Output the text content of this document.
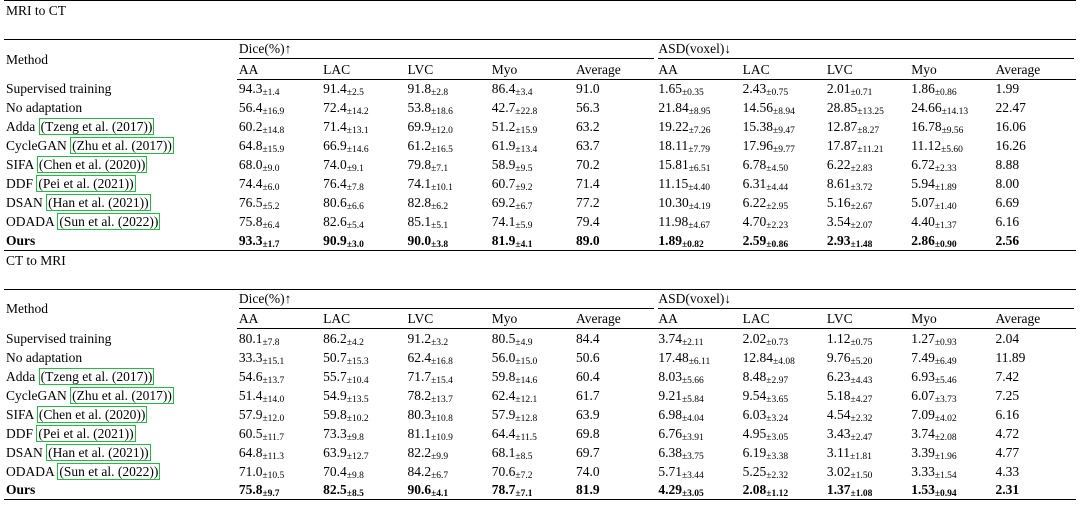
MRI to CT										

Method	Dice(%)↑					ASD(voxel)↓				
	AA	LAC	LVC	Myo	Average	AA	LAC	LVC	Myo	Average
Supervised training	94.3±1.4	91.4±2.5	91.8±2.8	86.4±3.4	91.0	1.65±0.35	2.43±0.75	2.01±0.71	1.86±0.86	1.99
No adaptation	56.4±16.9	72.4±14.2	53.8±18.6	42.7±22.8	56.3	21.84±8.95	14.56±8.94	28.85±13.25	24.66±14.13	22.47
Adda (Tzeng et al. (2017))	60.2±14.8	71.4±13.1	69.9±12.0	51.2±15.9	63.2	19.22±7.26	15.38±9.47	12.87±8.27	16.78±9.56	16.06
CycleGAN (Zhu et al. (2017))	64.8±15.9	66.9±14.6	61.2±16.5	61.9±13.4	63.7	18.11±7.79	17.96±9.77	17.87±11.21	11.12±5.60	16.26
SIFA (Chen et al. (2020))	68.0±9.0	74.0±9.1	79.8±7.1	58.9±9.5	70.2	15.81±6.51	6.78±4.50	6.22±2.83	6.72±2.33	8.88
DDF (Pei et al. (2021))	74.4±6.0	76.4±7.8	74.1±10.1	60.7±9.2	71.4	11.15±4.40	6.31±4.44	8.61±3.72	5.94±1.89	8.00
DSAN (Han et al. (2021))	76.5±5.2	80.6±6.6	82.8±6.2	69.2±6.7	77.2	10.30±4.19	6.22±2.95	5.16±2.67	5.07±1.40	6.69
ODADA (Sun et al. (2022))	75.8±6.4	82.6±5.4	85.1±5.1	74.1±5.9	79.4	11.98±4.67	4.70±2.23	3.54±2.07	4.40±1.37	6.16
Ours	93.3±1.7	90.9±3.0	90.0±3.8	81.9±4.1	89.0	1.89±0.82	2.59±0.86	2.93±1.48	2.86±0.90	2.56
CT to MRI										

Method	Dice(%)↑					ASD(voxel)↓				
	AA	LAC	LVC	Myo	Average	AA	LAC	LVC	Myo	Average
Supervised training	80.1±7.8	86.2±4.2	91.2±3.2	80.5±4.9	84.4	3.74±2.11	2.02±0.73	1.12±0.75	1.27±0.93	2.04
No adaptation	33.3±15.1	50.7±15.3	62.4±16.8	56.0±15.0	50.6	17.48±6.11	12.84±4.08	9.76±5.20	7.49±6.49	11.89
Adda (Tzeng et al. (2017))	54.6±13.7	55.7±10.4	71.7±15.4	59.8±14.6	60.4	8.03±5.66	8.48±2.97	6.23±4.43	6.93±5.46	7.42
CycleGAN (Zhu et al. (2017))	51.4±14.0	54.9±13.5	78.2±13.7	62.4±12.1	61.7	9.21±5.84	9.54±3.65	5.18±4.27	6.07±3.73	7.25
SIFA (Chen et al. (2020))	57.9±12.0	59.8±10.2	80.3±10.8	57.9±12.8	63.9	6.98±4.04	6.03±3.24	4.54±2.32	7.09±4.02	6.16
DDF (Pei et al. (2021))	60.5±11.7	73.3±9.8	81.1±10.9	64.4±11.5	69.8	6.76±3.91	4.95±3.05	3.43±2.47	3.74±2.08	4.72
DSAN (Han et al. (2021))	64.8±11.3	63.9±12.7	82.2±9.9	68.1±8.5	69.7	6.38±3.75	6.19±3.38	3.11±1.81	3.39±1.96	4.77
ODADA (Sun et al. (2022))	71.0±10.5	70.4±9.8	84.2±6.7	70.6±7.2	74.0	5.71±3.44	5.25±2.32	3.02±1.50	3.33±1.54	4.33
Ours	75.8±9.7	82.5±8.5	90.6±4.1	78.7±7.1	81.9	4.29±3.05	2.08±1.12	1.37±1.08	1.53±0.94	2.31
